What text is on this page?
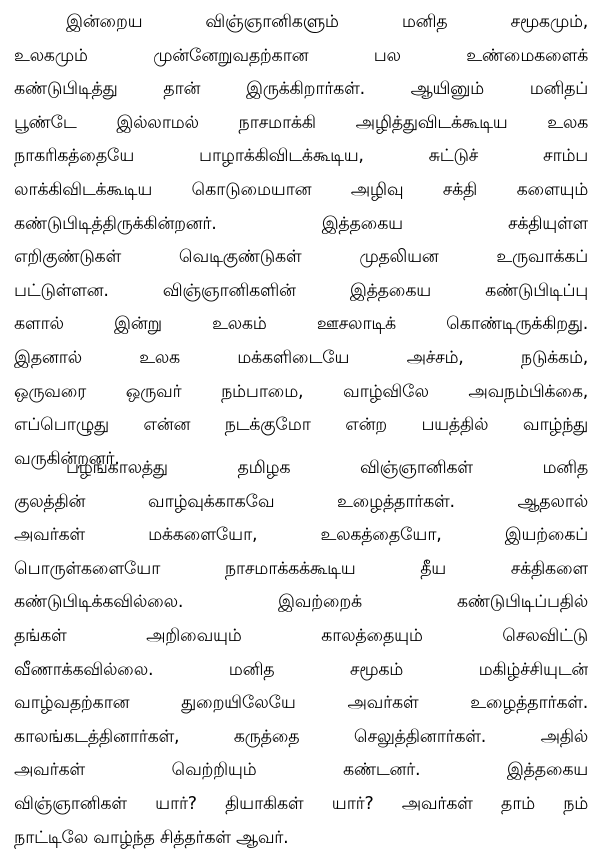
இன்றைய விஞ்ஞானிகளும் மனித சமூகமும்,
உலகமும் முன்னேறுவதற்கான பல உண்மைகளைக்
கண்டுபிடித்து தான் இருக்கிறார்கள். ஆயினும் மனிதப்
பூண்டே இல்லாமல் நாசமாக்கி அழித்துவிடக்கூடிய உலக
நாகரிகத்தையே பாழாக்கிவிடக்கூடிய, சுட்டுச் சாம்ப
லாக்கிவிடக்கூடிய கொடுமையான அழிவு சக்தி களையும்
கண்டுபிடித்திருக்கின்றனர். இத்தகைய சக்தியுள்ள
எறிகுண்டுகள் வெடிகுண்டுகள் முதலியன உருவாக்கப்
பட்டுள்ளன. விஞ்ஞானிகளின் இத்தகைய கண்டுபிடிப்பு
களால் இன்று உலகம் ஊசலாடிக் கொண்டிருக்கிறது.
இதனால் உலக மக்களிடையே அச்சம், நடுக்கம்,
ஒருவரை ஒருவர் நம்பாமை, வாழ்விலே அவநம்பிக்கை,
எப்பொழுது என்ன நடக்குமோ என்ற பயத்தில் வாழ்ந்து
வருகின்றனர்.
பழங்காலத்து தமிழக விஞ்ஞானிகள் மனித
குலத்தின் வாழ்வுக்காகவே உழைத்தார்கள். ஆதலால்
அவர்கள் மக்களையோ, உலகத்தையோ, இயற்கைப்
பொருள்களையோ நாசமாக்கக்கூடிய தீய சக்திகளை
கண்டுபிடிக்கவில்லை. இவற்றைக் கண்டுபிடிப்பதில்
தங்கள் அறிவையும் காலத்தையும் செலவிட்டு
வீணாக்கவில்லை. மனித சமூகம் மகிழ்ச்சியுடன்
வாழ்வதற்கான துறையிலேயே அவர்கள் உழைத்தார்கள்.
காலங்கடத்தினார்கள், கருத்தை செலுத்தினார்கள். அதில்
அவர்கள் வெற்றியும் கண்டனர். இத்தகைய
விஞ்ஞானிகள் யார்? தியாகிகள் யார்? அவர்கள் தாம் நம்
நாட்டிலே வாழ்ந்த சித்தர்கள் ஆவர்.
